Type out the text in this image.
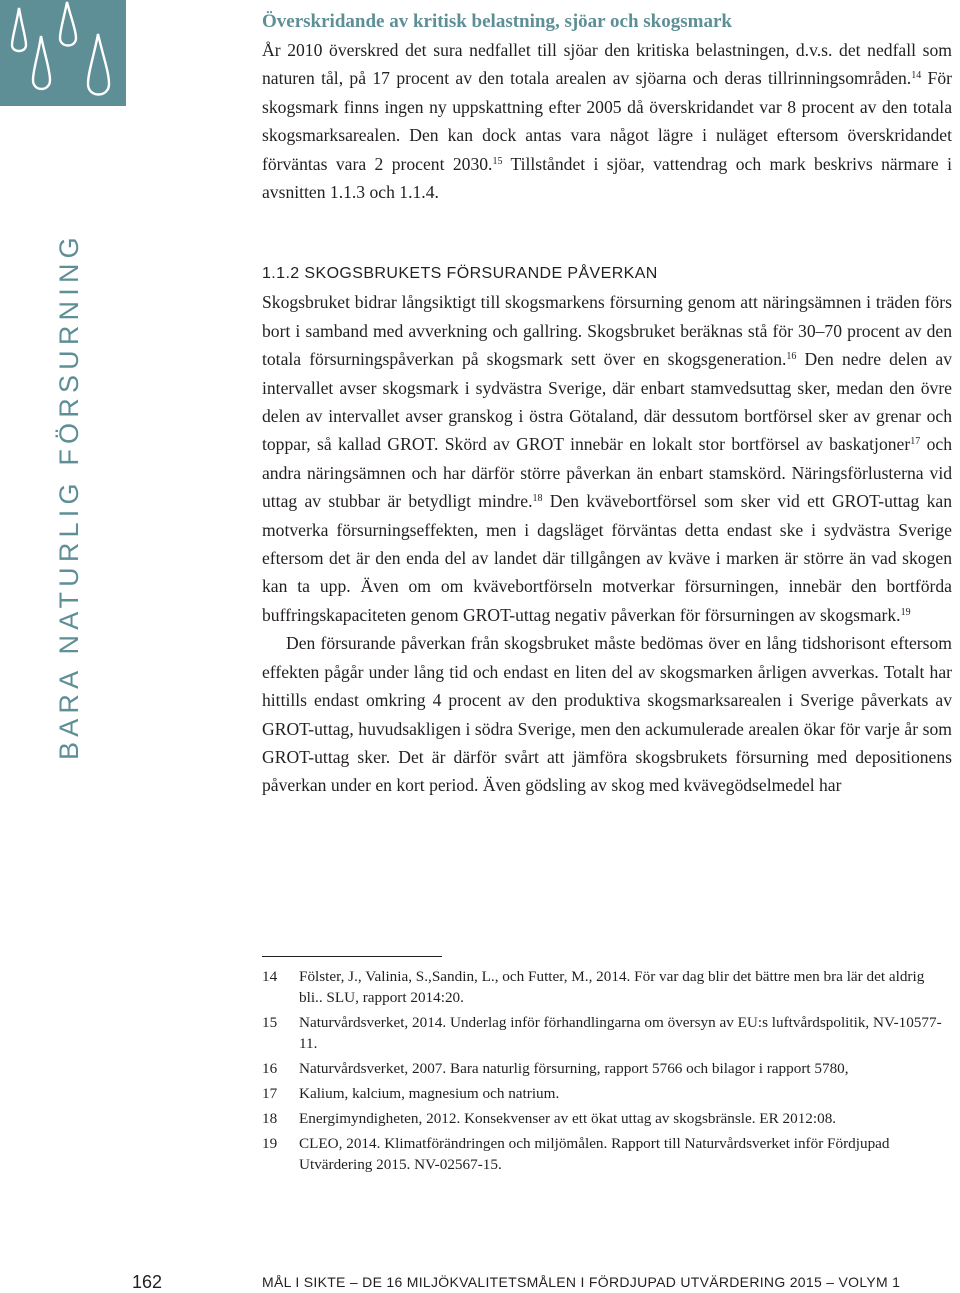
Överskridande av kritisk belastning, sjöar och skogsmark

År 2010 överskred det sura nedfallet till sjöar den kritiska belastningen, d.v.s. det nedfall som naturen tål, på 17 procent av den totala arealen av sjöarna och deras tillrinningsområden.$^{14}$ För skogsmark finns ingen ny uppskattning efter 2005 då överskridandet var 8 procent av den totala skogsmarksarealen. Den kan dock antas vara något lägre i nuläget eftersom överskridandet förväntas vara 2 procent 2030.15 Tillståndet i sjöar, vattendrag och mark beskrivs närmare i avsnitten 1.1.3 och 1.1.4.

BARA NATURLIG FÖRSURNING	1.1.2 SKOGSBRUKETS FÖRSURANDE PÅVERKAN

Skogsbruket bidrar långsiktigt till skogsmarkens försurning genom att näringsämnen i träden förs bort i samband med avverkning och gallring. Skogsbruket beräknas stå för 30–70 procent av den totala försurningspåverkan på skogsmark sett över en skogsgeneration.$^{16}$ Den nedre delen av intervallet avser skogsmark i sydvästra Sverige, där enbart stamvedsuttag sker, medan den övre delen av intervallet avser granskog i östra Götaland, där dessutom bortförsel sker av grenar och toppar, så kallad GROT. Skörd av GROT innebär en lokalt stor bortförsel av baskatjoner$^{17}$ och andra näringsämnen och har därför större påverkan än enbart stamskörd. Näringsförlusterna vid uttag av stubbar är betydligt mindre.$^{18}$ Den kvävebortförsel som sker vid ett GROT-uttag kan motverka försurningseffekten, men i dagsläget förväntas detta endast ske i sydvästra Sverige eftersom det är den enda del av landet där tillgången av kväve i marken är större än vad skogen kan ta upp. Även om om kvävebortförseln motverkar försurningen, innebär den bortförda buffringskapaciteten genom GROT-uttag negativ påverkan för försurningen av skogsmark.$^{19}$

Den försurande påverkan från skogsbruket måste bedömas över en lång tidshorisont eftersom effekten pågår under lång tid och endast en liten del av skogsmarken årligen avverkas. Totalt har hittills endast omkring 4 procent av den produktiva skogsmarksarealen i Sverige påverkats av GROT-uttag, huvudsakligen i södra Sverige, men den ackumulerade arealen ökar för varje år som GROT-uttag sker. Det är därför svårt att jämföra skogsbrukets försurning med depositionens påverkan under en kort period. Även gödsling av skog med kvävegödselmedel har

14	Fölster, J., Valinia, S.,Sandin, L., och Futter, M., 2014. För var dag blir det bättre men bra lär det aldrig bli.. SLU, rapport 2014:20.
15	Naturvårdsverket, 2014. Underlag inför förhandlingarna om översyn av EU:s luftvårdspolitik, NV-10577-11.
16	Naturvårdsverket, 2007. Bara naturlig försurning, rapport 5766 och bilagor i rapport 5780,
17	Kalium, kalcium, magnesium och natrium.
18	Energimyndigheten, 2012. Konsekvenser av ett ökat uttag av skogsbränsle. ER 2012:08.
19	CLEO, 2014. Klimatförändringen och miljömålen. Rapport till Naturvårdsverket inför Fördjupad Utvärdering 2015. NV-02567-15.
162	MÅL I SIKTE – DE 16 MILJÖKVALITETSMÅLEN I FÖRDJUPAD UTVÄRDERING 2015 – VOLYM 1
